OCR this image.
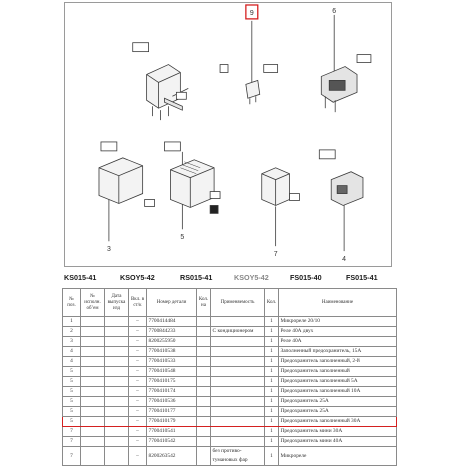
9	6
3
5
7
4
KS015-41	KSOY5-42	RS015-41	KSOY5-42	FS015-40	FS015-41
№ поз.	№ исполн. об’ем	Дата выпуска изд	Вкл. в ст/к	Номер детали	Кол. на	Применяемость	Кол.	Наименование
1			–	7700414484			1	Микрореле 20/10
2			–	7700844233		С кондиционером	1	Реле 40А двух
3			–	8200255950			1	Реле 40А
4			–	7700410538			1	Заполненный предохранитель, 15А
4			–	7700410533			1	Предохранитель заполненный, 2-й
5			–	7700410548			1	Предохранитель заполненный
5			–	7700410175			1	Предохранитель заполненный 5А
5			–	7700410174			1	Предохранитель заполненный 10А
5			–	7700410536			1	Предохранитель 25А
5			–	7700410177			1	Предохранитель 25А
5			–	7700410179			1	Предохранитель заполненный 30А
7			–	7700410541			1	Предохранитель мини 30А
7			–	7700410542			1	Предохранитель мини 40А
7			–	8200263542		без противо- тумановых фар	1	Микрореле
